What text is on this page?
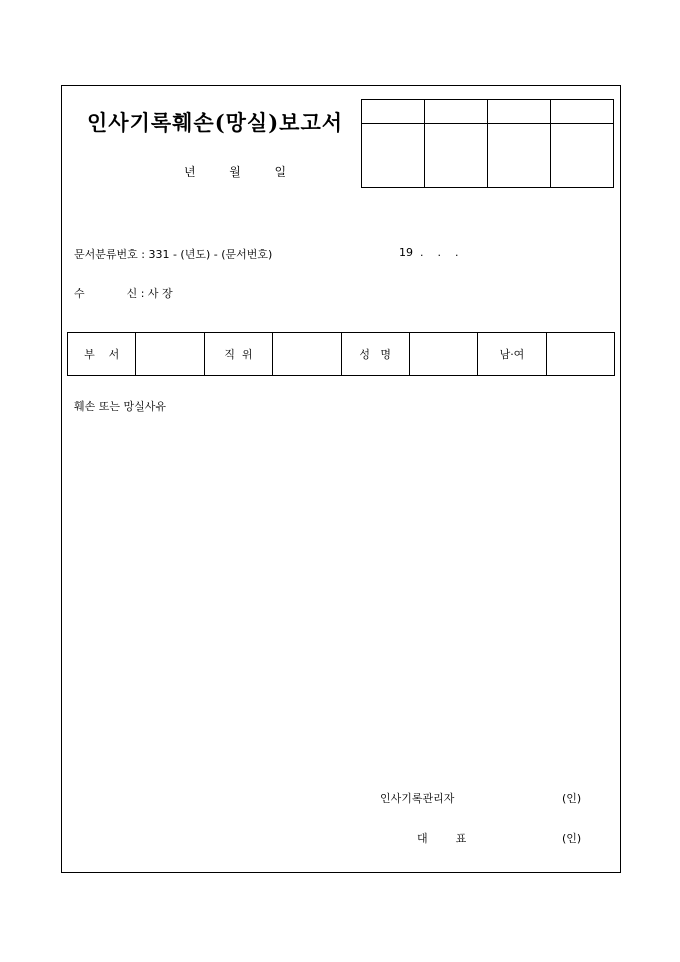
인사기록훼손(망실)보고서
년	월	일

문서분류번호 : 331 - (년도) - (문서번호)	19  .    .    .
수            신 : 사 장
부    서		직  위		성   명		남·여	
훼손 또는 망실사유
인사기록관리자	(인)
대        표	(인)
